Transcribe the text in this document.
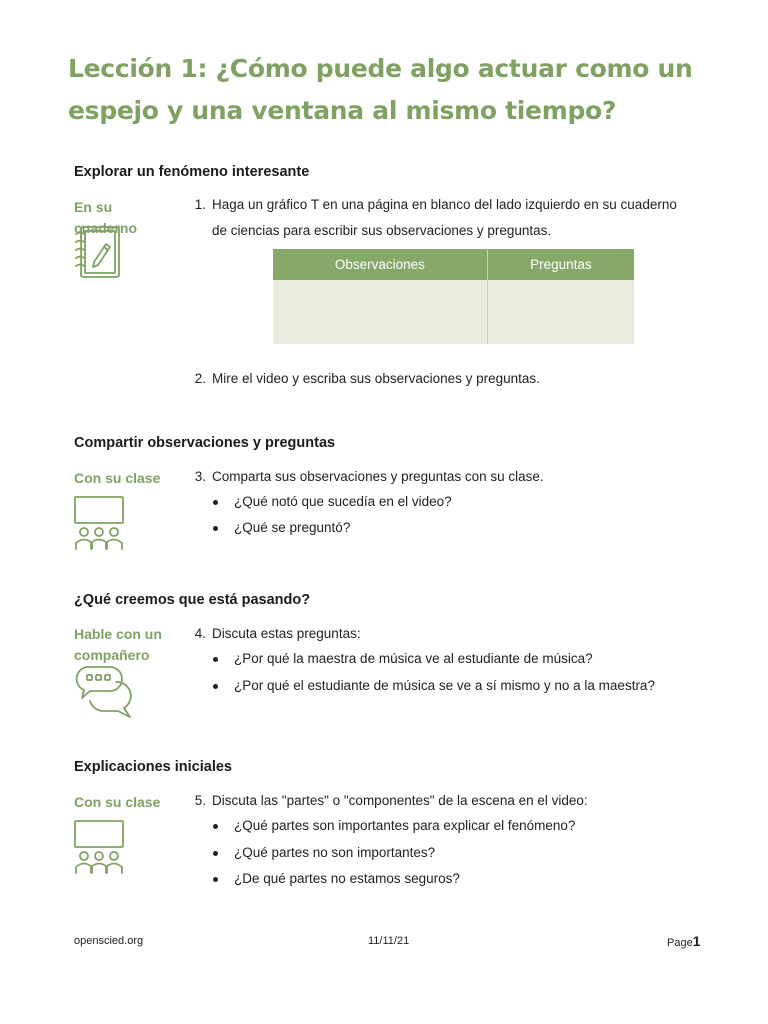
Lección 1: ¿Cómo puede algo actuar como un espejo y una ventana al mismo tiempo?
Explorar un fenómeno interesante
En su cuaderno
1. Haga un gráfico T en una página en blanco del lado izquierdo en su cuaderno de ciencias para escribir sus observaciones y preguntas.

Observaciones	Preguntas

2. Mire el video y escriba sus observaciones y preguntas.

Compartir observaciones y preguntas
Con su clase	3. Comparta sus observaciones y preguntas con su clase.

¿Qué notó que sucedía en el video?
¿Qué se preguntó?
¿Qué creemos que está pasando?
Hable con un compañero
4. Discuta estas preguntas:

¿Por qué la maestra de música ve al estudiante de música?
¿Por qué el estudiante de música se ve a sí mismo y no a la maestra?
Explicaciones iniciales
Con su clase	5. Discuta las "partes" o "componentes" de la escena en el video:

¿Qué partes son importantes para explicar el fenómeno?
¿Qué partes no son importantes?
¿De qué partes no estamos seguros?
openscied.org	11/11/21	Page1
